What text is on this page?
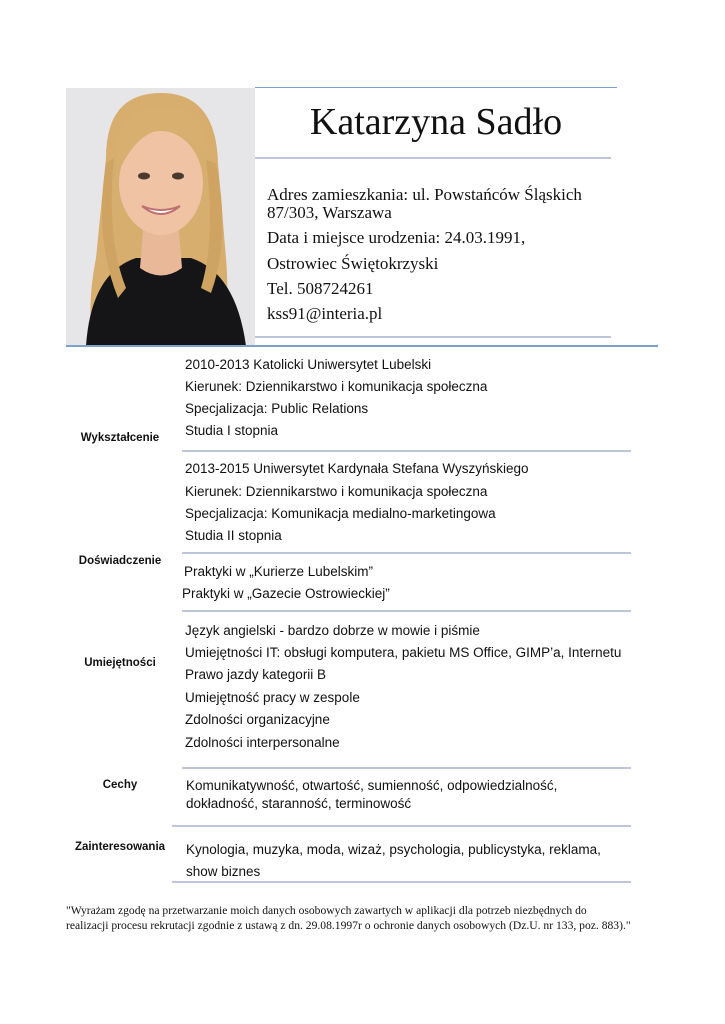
Katarzyna Sadło
Adres zamieszkania: ul. Powstańców Śląskich
87/303, Warszawa
Data i miejsce urodzenia: 24.03.1991,
Ostrowiec Świętokrzyski
Tel. 508724261
kss91@interia.pl
Wykształcenie
2010-2013 Katolicki Uniwersytet Lubelski
Kierunek: Dziennikarstwo i komunikacja społeczna
Specjalizacja: Public Relations
Studia I stopnia
2013-2015 Uniwersytet Kardynała Stefana Wyszyńskiego
Kierunek: Dziennikarstwo i komunikacja społeczna
Specjalizacja: Komunikacja medialno-marketingowa
Studia II stopnia
Doświadczenie
Praktyki w „Kurierze Lubelskim”
Praktyki w „Gazecie Ostrowieckiej”
Umiejętności
Język angielski - bardzo dobrze w mowie i piśmie
Umiejętności IT: obsługi komputera, pakietu MS Office, GIMP’a, Internetu
Prawo jazdy kategorii B
Umiejętność pracy w zespole
Zdolności organizacyjne
Zdolności interpersonalne
Cechy	Komunikatywność, otwartość, sumienność, odpowiedzialność,
dokładność, staranność, terminowość
Zainteresowania	Kynologia, muzyka, moda, wizaż, psychologia, publicystyka, reklama,
show biznes
"Wyrażam zgodę na przetwarzanie moich danych osobowych zawartych w aplikacji dla potrzeb niezbędnych do
realizacji procesu rekrutacji zgodnie z ustawą z dn. 29.08.1997r o ochronie danych osobowych (Dz.U. nr 133, poz. 883)."
